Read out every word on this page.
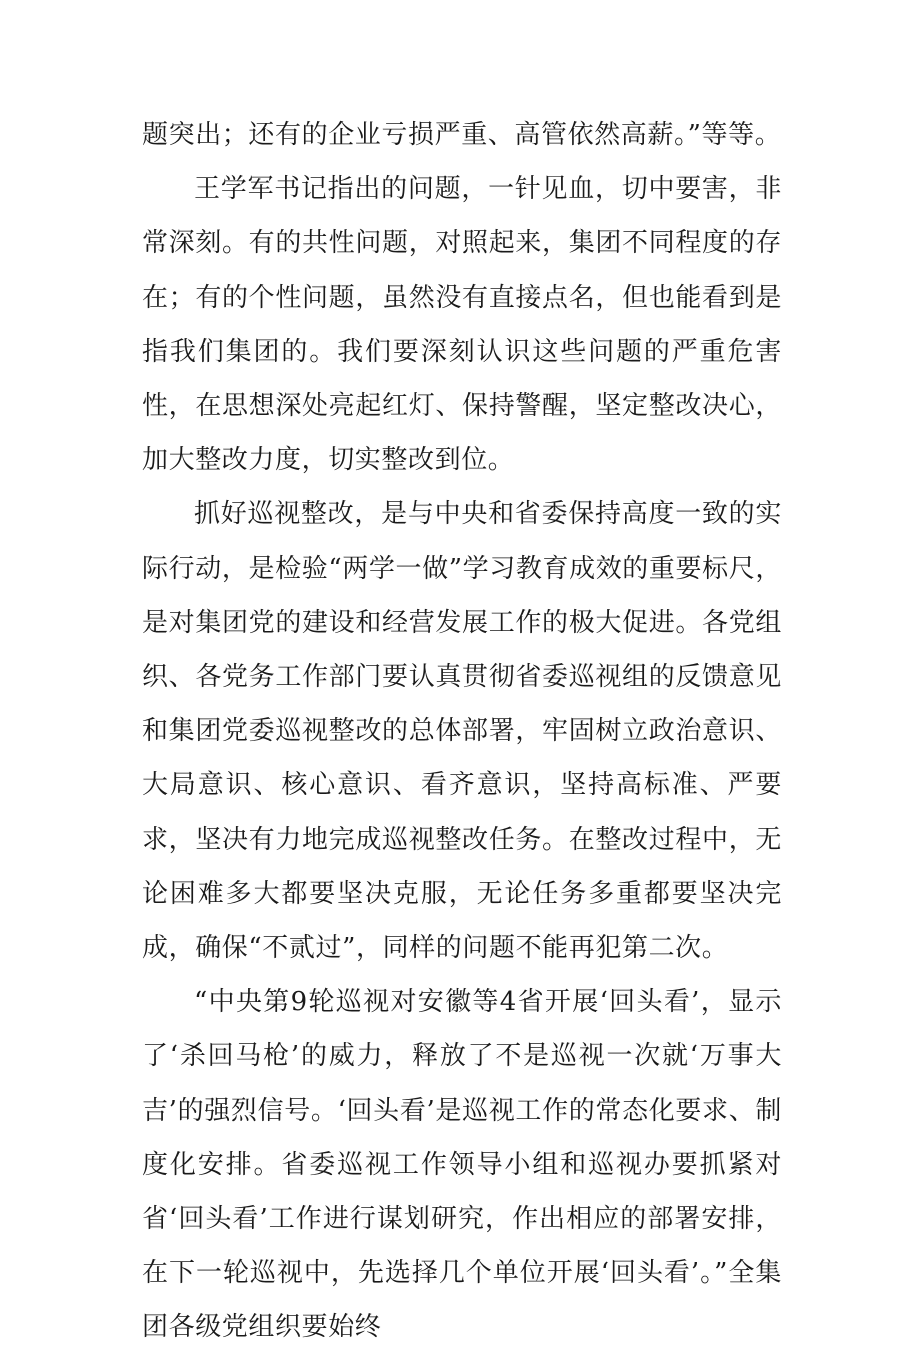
题突出；还有的企业亏损严重、高管依然高薪。”等等。

王学军书记指出的问题，一针见血，切中要害，非常深刻。有的共性问题，对照起来，集团不同程度的存在；有的个性问题，虽然没有直接点名，但也能看到是指我们集团的。我们要深刻认识这些问题的严重危害性，在思想深处亮起红灯、保持警醒，坚定整改决心，加大整改力度，切实整改到位。

抓好巡视整改，是与中央和省委保持高度一致的实际行动，是检验“两学一做”学习教育成效的重要标尺，是对集团党的建设和经营发展工作的极大促进。各党组织、各党务工作部门要认真贯彻省委巡视组的反馈意见和集团党委巡视整改的总体部署，牢固树立政治意识、大局意识、核心意识、看齐意识，坚持高标准、严要求，坚决有力地完成巡视整改任务。在整改过程中，无论困难多大都要坚决克服，无论任务多重都要坚决完成，确保“不贰过”，同样的问题不能再犯第二次。

“中央第9轮巡视对安徽等4省开展‘回头看’，显示了‘杀回马枪’的威力，释放了不是巡视一次就‘万事大吉’的强烈信号。‘回头看’是巡视工作的常态化要求、制度化安排。省委巡视工作领导小组和巡视办要抓紧对省‘回头看’工作进行谋划研究，作出相应的部署安排，在下一轮巡视中，先选择几个单位开展‘回头看’。”全集团各级党组织要始终
